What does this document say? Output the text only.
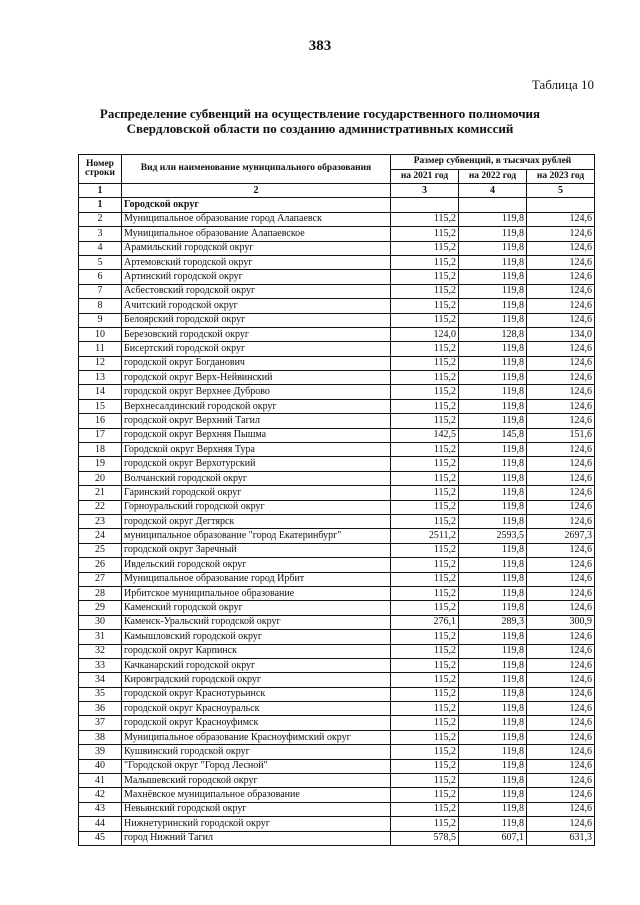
383
Таблица 10
Распределение субвенций на осуществление государственного полномочия
Свердловской области по созданию административных комиссий
Номер строки	Вид или наименование муниципального образования	Размер субвенций, в тысячах рублей		
		на 2021 год	на 2022 год	на 2023 год
1	2	3	4	5
1	Городской округ			
2	Муниципальное образование город Алапаевск	115,2	119,8	124,6
3	Муниципальное образование Алапаевское	115,2	119,8	124,6
4	Арамильский городской округ	115,2	119,8	124,6
5	Артемовский городской округ	115,2	119,8	124,6
6	Артинский городской округ	115,2	119,8	124,6
7	Асбестовский городской округ	115,2	119,8	124,6
8	Ачитский городской округ	115,2	119,8	124,6
9	Белоярский городской округ	115,2	119,8	124,6
10	Березовский городской округ	124,0	128,8	134,0
11	Бисертский городской округ	115,2	119,8	124,6
12	городской округ Богданович	115,2	119,8	124,6
13	городской округ Верх-Нейвинский	115,2	119,8	124,6
14	городской округ Верхнее Дуброво	115,2	119,8	124,6
15	Верхнесалдинский городской округ	115,2	119,8	124,6
16	городской округ Верхний Тагил	115,2	119,8	124,6
17	городской округ Верхняя Пышма	142,5	145,8	151,6
18	Городской округ Верхняя Тура	115,2	119,8	124,6
19	городской округ Верхотурский	115,2	119,8	124,6
20	Волчанский городской округ	115,2	119,8	124,6
21	Гаринский городской округ	115,2	119,8	124,6
22	Горноуральский городской округ	115,2	119,8	124,6
23	городской округ Дегтярск	115,2	119,8	124,6
24	муниципальное образование "город Екатеринбург"	2511,2	2593,5	2697,3
25	городской округ Заречный	115,2	119,8	124,6
26	Ивдельский городской округ	115,2	119,8	124,6
27	Муниципальное образование город Ирбит	115,2	119,8	124,6
28	Ирбитское муниципальное образование	115,2	119,8	124,6
29	Каменский городской округ	115,2	119,8	124,6
30	Каменск-Уральский городской округ	276,1	289,3	300,9
31	Камышловский городской округ	115,2	119,8	124,6
32	городской округ Карпинск	115,2	119,8	124,6
33	Качканарский городской округ	115,2	119,8	124,6
34	Кировградский городской округ	115,2	119,8	124,6
35	городской округ Краснотурьинск	115,2	119,8	124,6
36	городской округ Красноуральск	115,2	119,8	124,6
37	городской округ Красноуфимск	115,2	119,8	124,6
38	Муниципальное образование Красноуфимский округ	115,2	119,8	124,6
39	Кушвинский городской округ	115,2	119,8	124,6
40	"Городской округ "Город Лесной"	115,2	119,8	124,6
41	Малышевский городской округ	115,2	119,8	124,6
42	Махнёвское муниципальное образование	115,2	119,8	124,6
43	Невьянский городской округ	115,2	119,8	124,6
44	Нижнетуринский городской округ	115,2	119,8	124,6
45	город Нижний Тагил	578,5	607,1	631,3
